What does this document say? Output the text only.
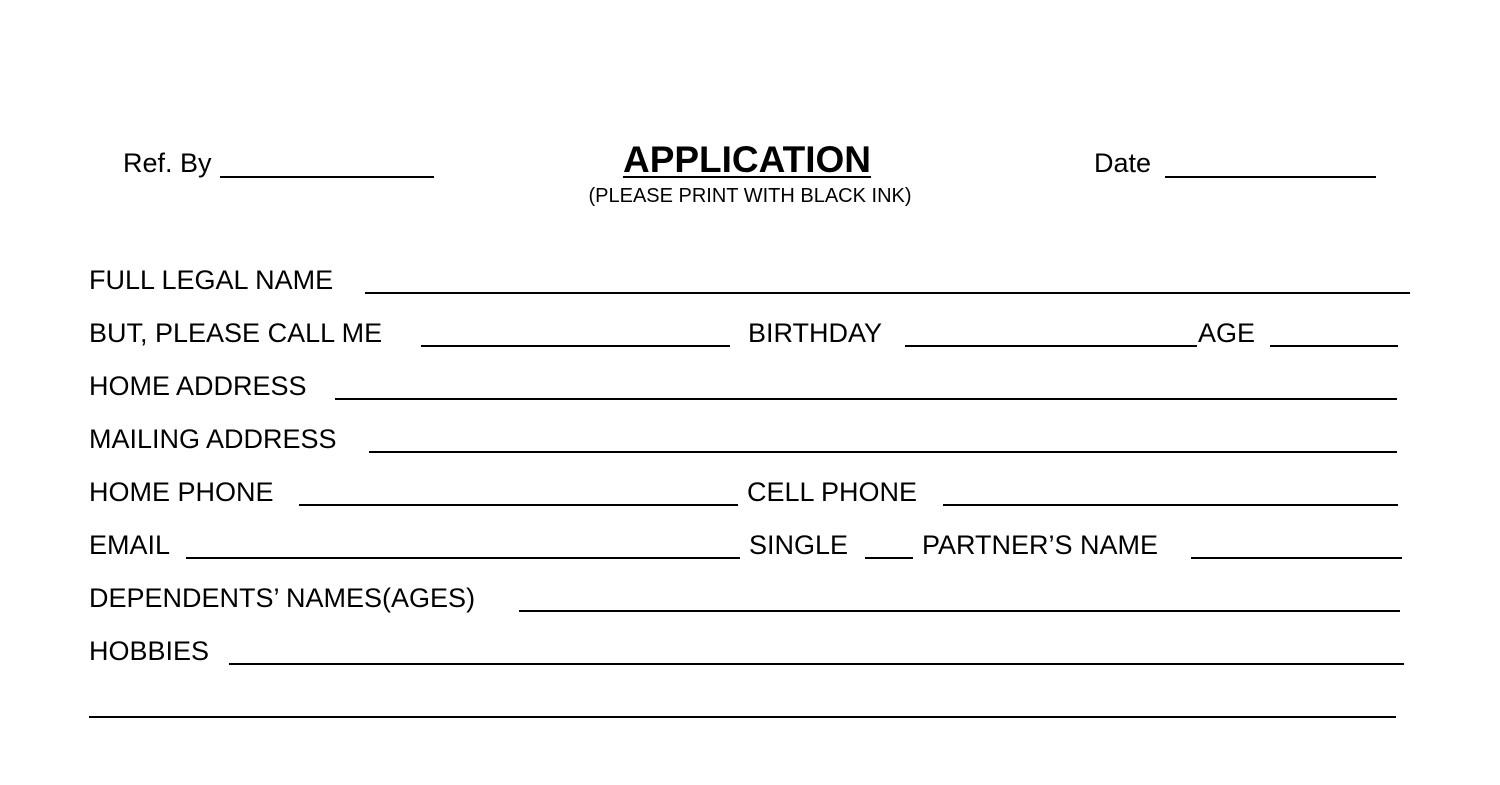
Ref. By	APPLICATION
(PLEASE PRINT WITH BLACK INK)
Date
FULL LEGAL NAME
BUT, PLEASE CALL ME	BIRTHDAY	AGE
HOME ADDRESS
MAILING ADDRESS
HOME PHONE	CELL PHONE
EMAIL	SINGLE	PARTNER’S NAME
DEPENDENTS’ NAMES(AGES)
HOBBIES
